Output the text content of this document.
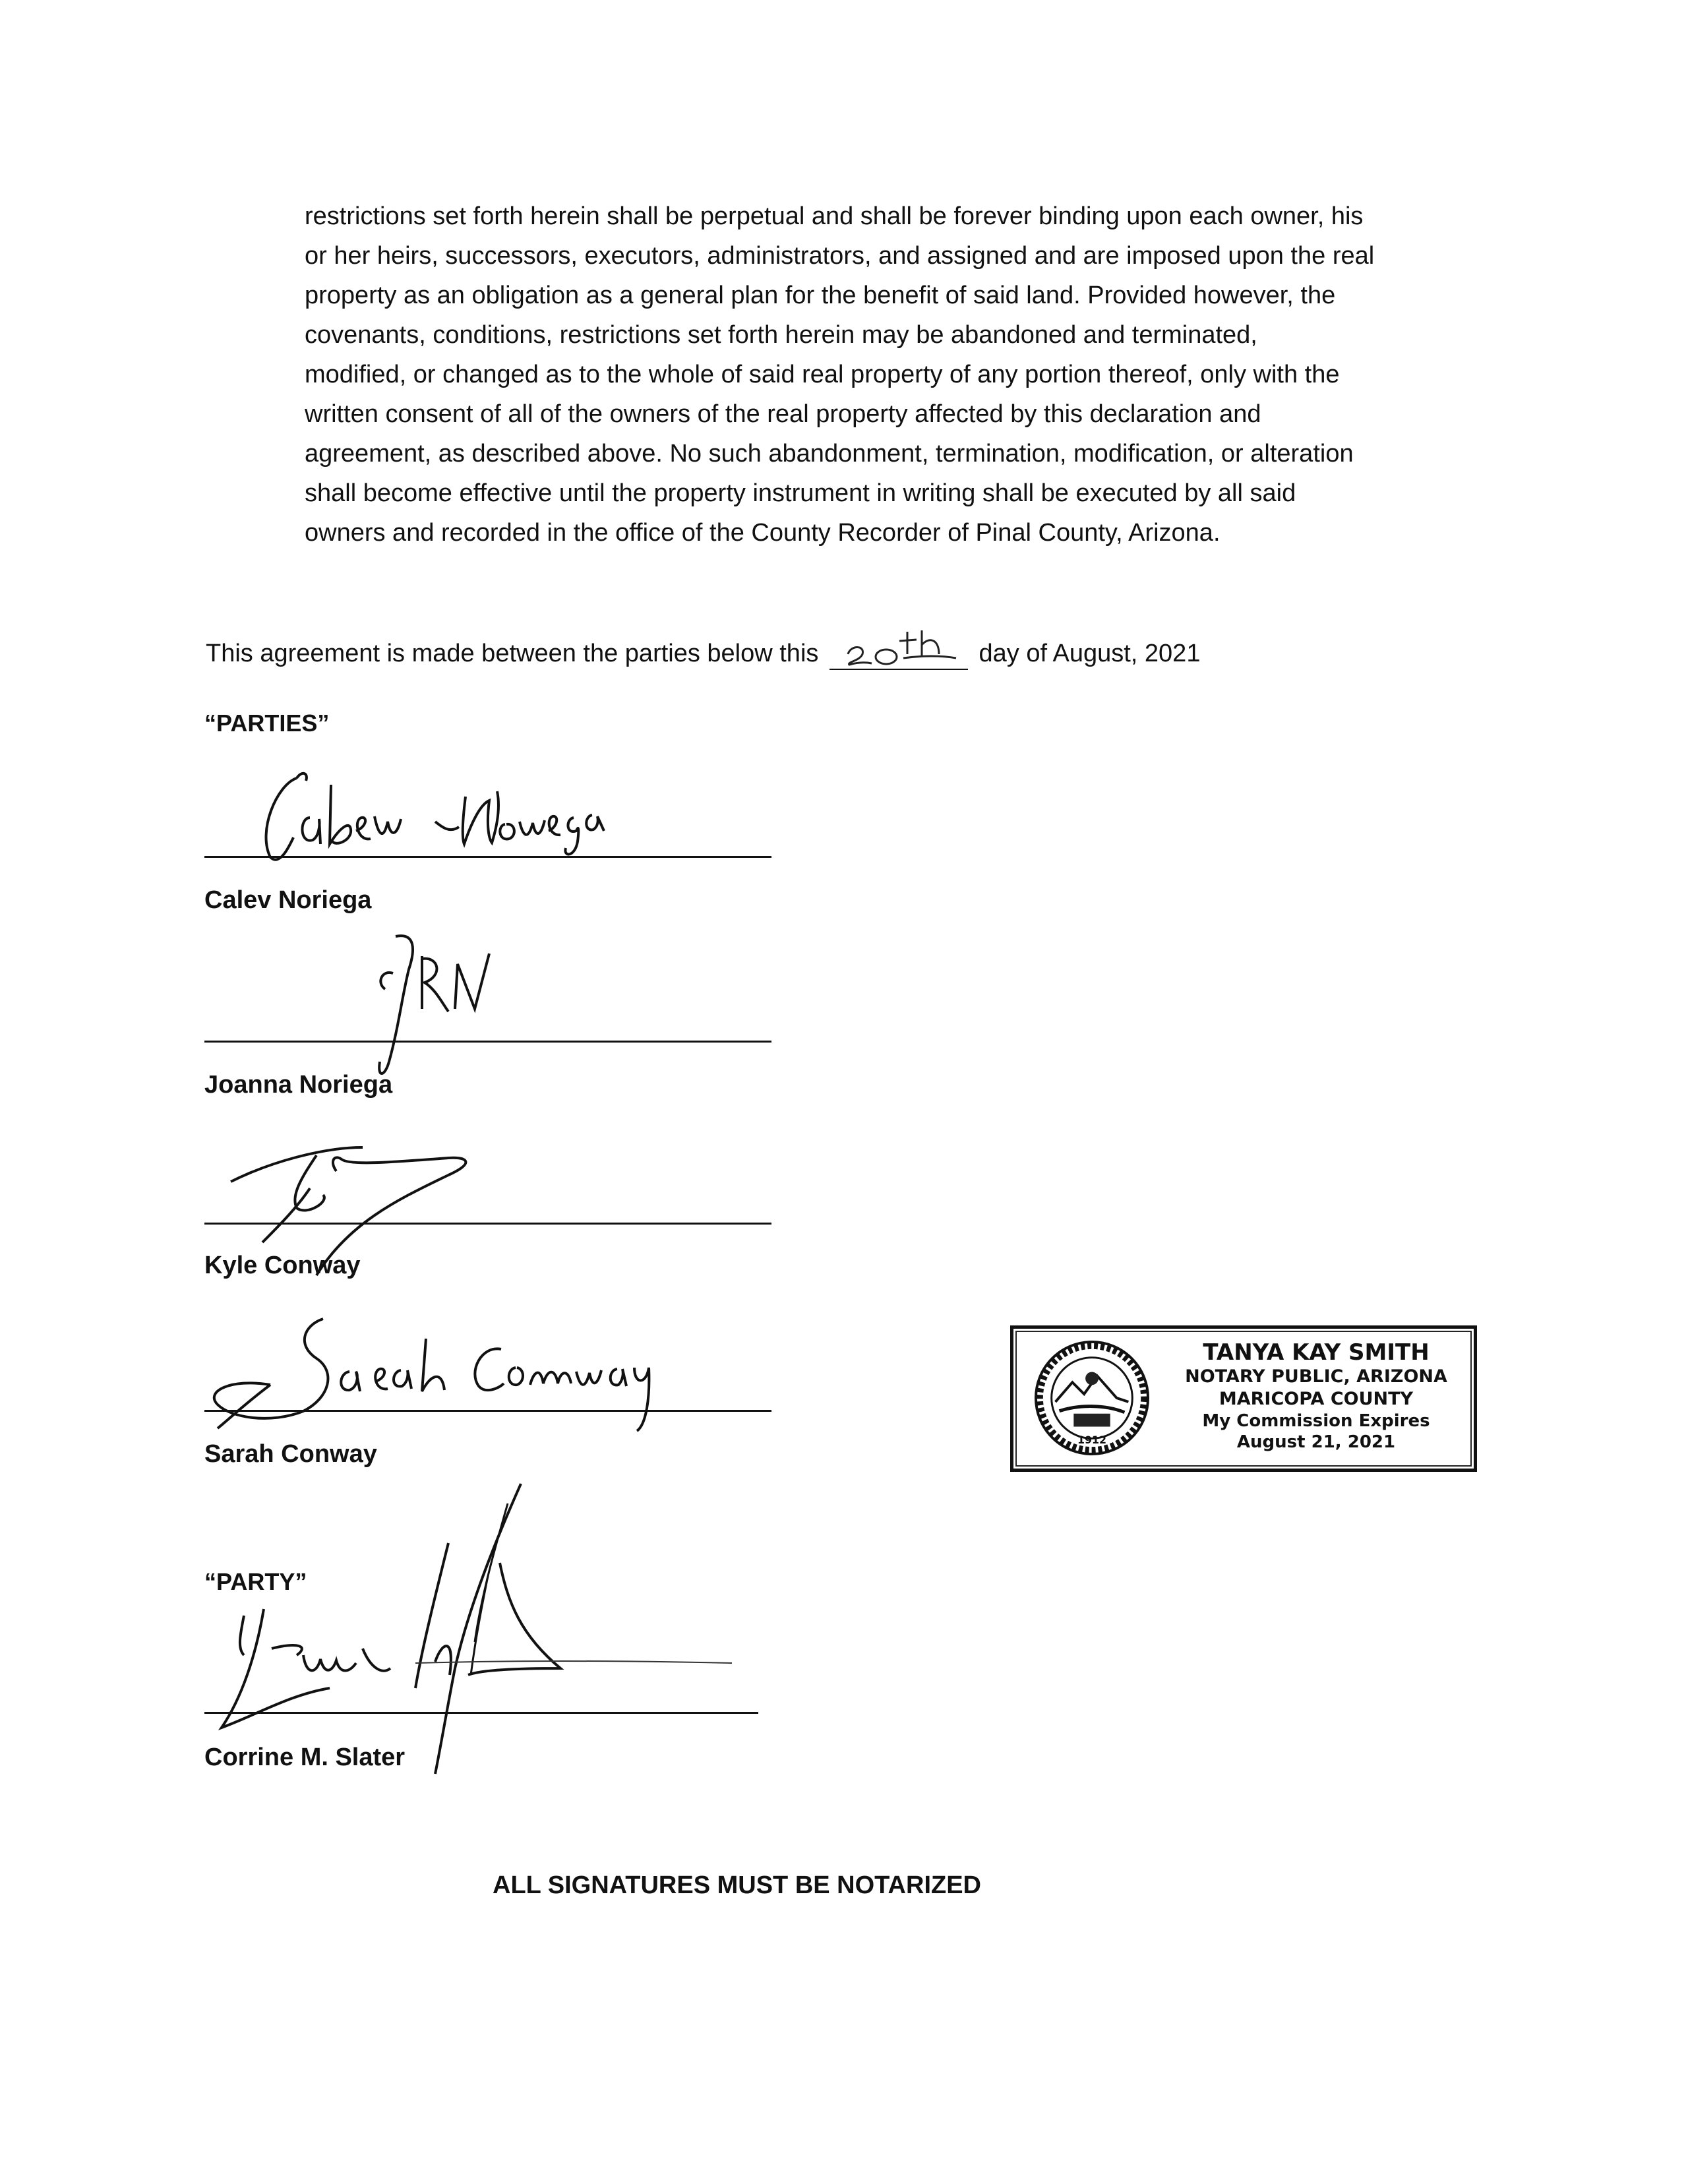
restrictions set forth herein shall be perpetual and shall be forever binding upon each owner, his
or her heirs, successors, executors, administrators, and assigned and are imposed upon the real
property as an obligation as a general plan for the benefit of said land. Provided however, the
covenants, conditions, restrictions set forth herein may be abandoned and terminated,
modified, or changed as to the whole of said real property of any portion thereof, only with the
written consent of all of the owners of the real property affected by this declaration and
agreement, as described above. No such abandonment, termination, modification, or alteration
shall become effective until the property instrument in writing shall be executed by all said
owners and recorded in the office of the County Recorder of Pinal County, Arizona.
This agreement is made between the parties below this	day of August, 2021
“PARTIES”
Calev Noriega
Joanna Noriega
Kyle Conway
Sarah Conway
“PARTY”
Corrine M. Slater
1912
TANYA KAY SMITH
NOTARY PUBLIC, ARIZONA
MARICOPA COUNTY
My Commission Expires
August 21, 2021
ALL SIGNATURES MUST BE NOTARIZED
